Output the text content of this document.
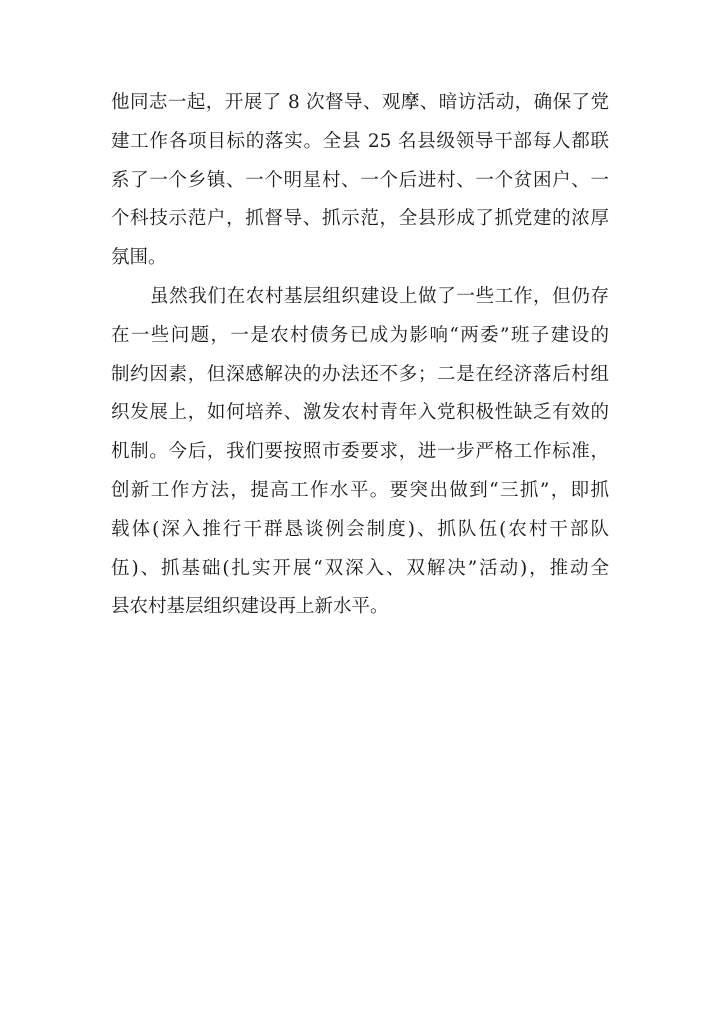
他同志一起，开展了 8 次督导、观摩、暗访活动，确保了党
建工作各项目标的落实。全县 25 名县级领导干部每人都联
系了一个乡镇、一个明星村、一个后进村、一个贫困户、一
个科技示范户，抓督导、抓示范，全县形成了抓党建的浓厚
氛围。
虽然我们在农村基层组织建设上做了一些工作，但仍存
在一些问题，一是农村债务已成为影响“两委”班子建设的
制约因素，但深感解决的办法还不多；二是在经济落后村组
织发展上，如何培养、激发农村青年入党积极性缺乏有效的
机制。今后，我们要按照市委要求，进一步严格工作标准，
创新工作方法，提高工作水平。要突出做到“三抓”，即抓
载体(深入推行干群恳谈例会制度)、抓队伍(农村干部队
伍)、抓基础(扎实开展“双深入、双解决”活动)，推动全
县农村基层组织建设再上新水平。
